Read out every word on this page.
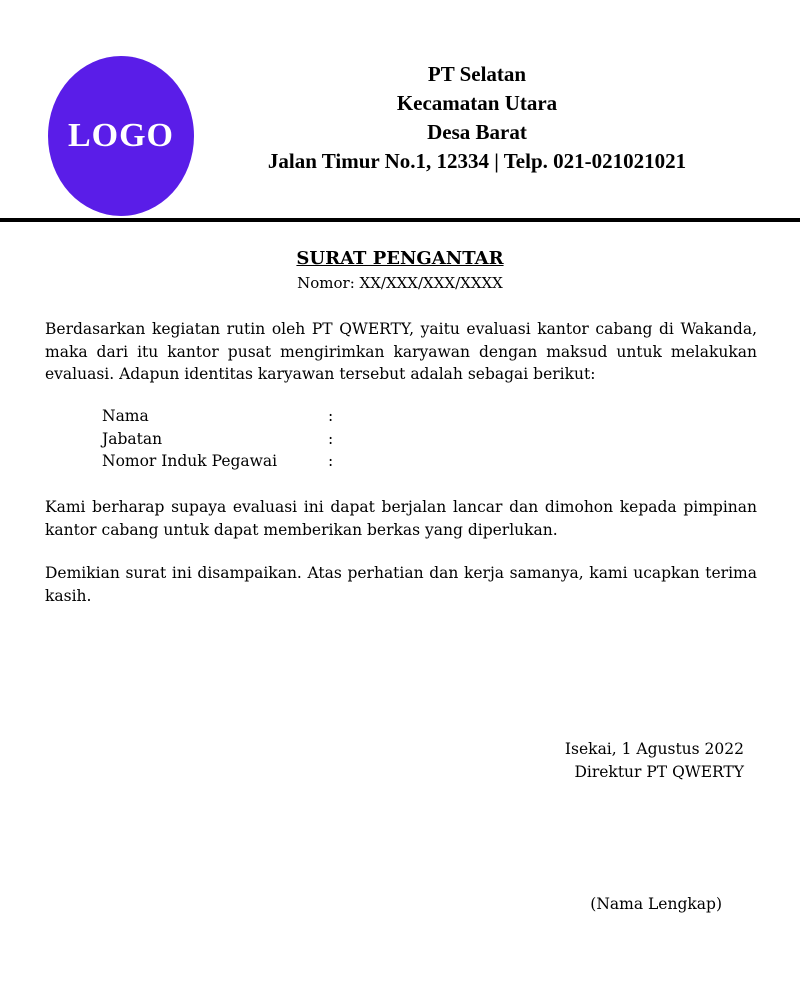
LOGO
PT Selatan
Kecamatan Utara
Desa Barat
Jalan Timur No.1, 12334 | Telp. 021-021021021
SURAT PENGANTAR
Nomor: XX/XXX/XXX/XXXX
Berdasarkan kegiatan rutin oleh PT QWERTY, yaitu evaluasi kantor cabang di Wakanda, maka dari itu kantor pusat mengirimkan karyawan dengan maksud untuk melakukan evaluasi. Adapun identitas karyawan tersebut adalah sebagai berikut:
Nama	:
Jabatan	:
Nomor Induk Pegawai	:
Kami berharap supaya evaluasi ini dapat berjalan lancar dan dimohon kepada pimpinan kantor cabang untuk dapat memberikan berkas yang diperlukan.
Demikian surat ini disampaikan. Atas perhatian dan kerja samanya, kami ucapkan terima kasih.
Isekai, 1 Agustus 2022
Direktur PT QWERTY
(Nama Lengkap)
